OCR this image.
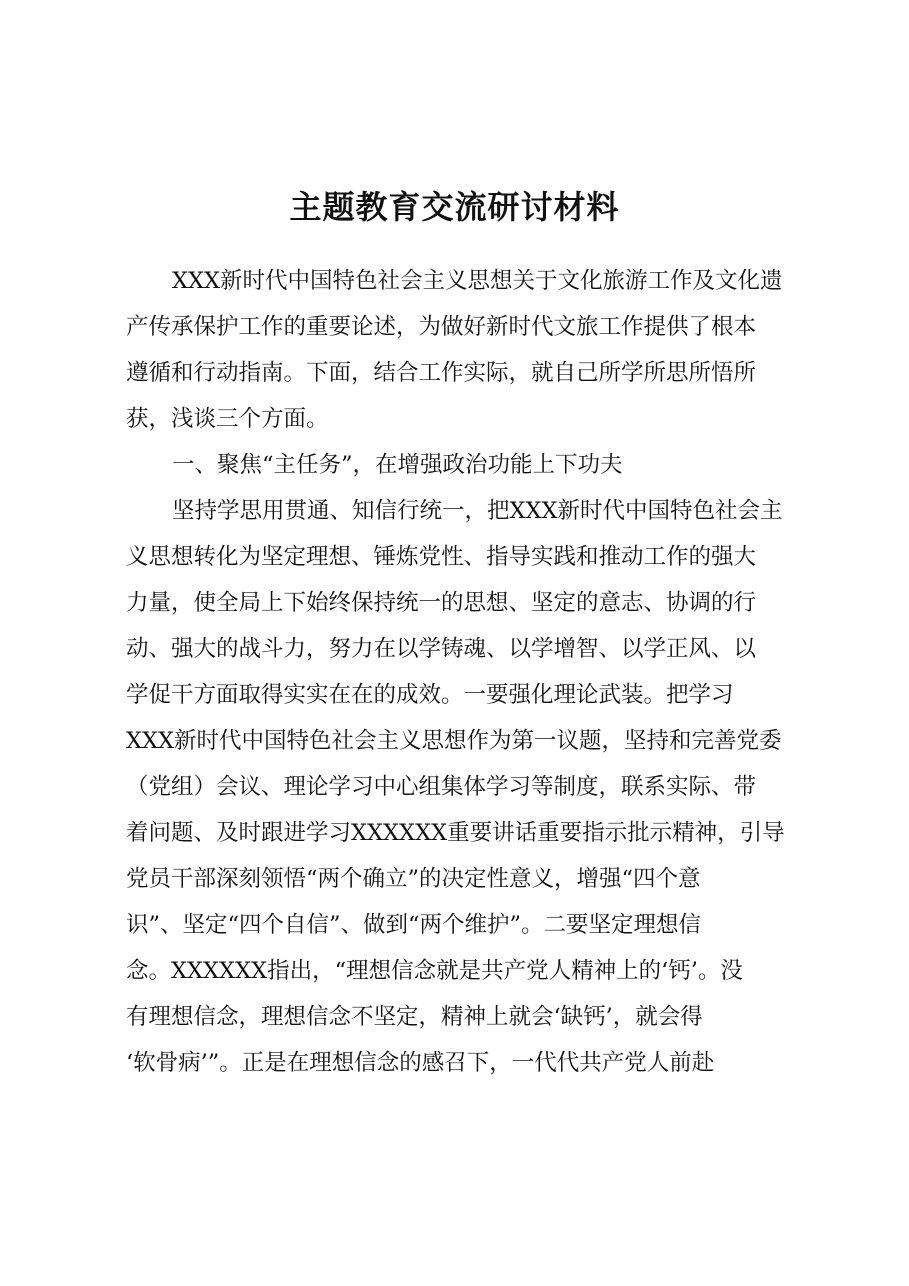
主题教育交流研讨材料
XXX新时代中国特色社会主义思想关于文化旅游工作及文化遗
产传承保护工作的重要论述，为做好新时代文旅工作提供了根本
遵循和行动指南。下面，结合工作实际，就自己所学所思所悟所
获，浅谈三个方面。
一、聚焦“主任务”，在增强政治功能上下功夫
坚持学思用贯通、知信行统一，把XXX新时代中国特色社会主
义思想转化为坚定理想、锤炼党性、指导实践和推动工作的强大
力量，使全局上下始终保持统一的思想、坚定的意志、协调的行
动、强大的战斗力，努力在以学铸魂、以学增智、以学正风、以
学促干方面取得实实在在的成效。一要强化理论武装。把学习
XXX新时代中国特色社会主义思想作为第一议题，坚持和完善党委
（党组）会议、理论学习中心组集体学习等制度，联系实际、带
着问题、及时跟进学习XXXXXX重要讲话重要指示批示精神，引导
党员干部深刻领悟“两个确立”的决定性意义，增强“四个意
识”、坚定“四个自信”、做到“两个维护”。二要坚定理想信
念。XXXXXX指出，“理想信念就是共产党人精神上的‘钙’。没
有理想信念，理想信念不坚定，精神上就会‘缺钙’，就会得
‘软骨病’”。正是在理想信念的感召下，一代代共产党人前赴
